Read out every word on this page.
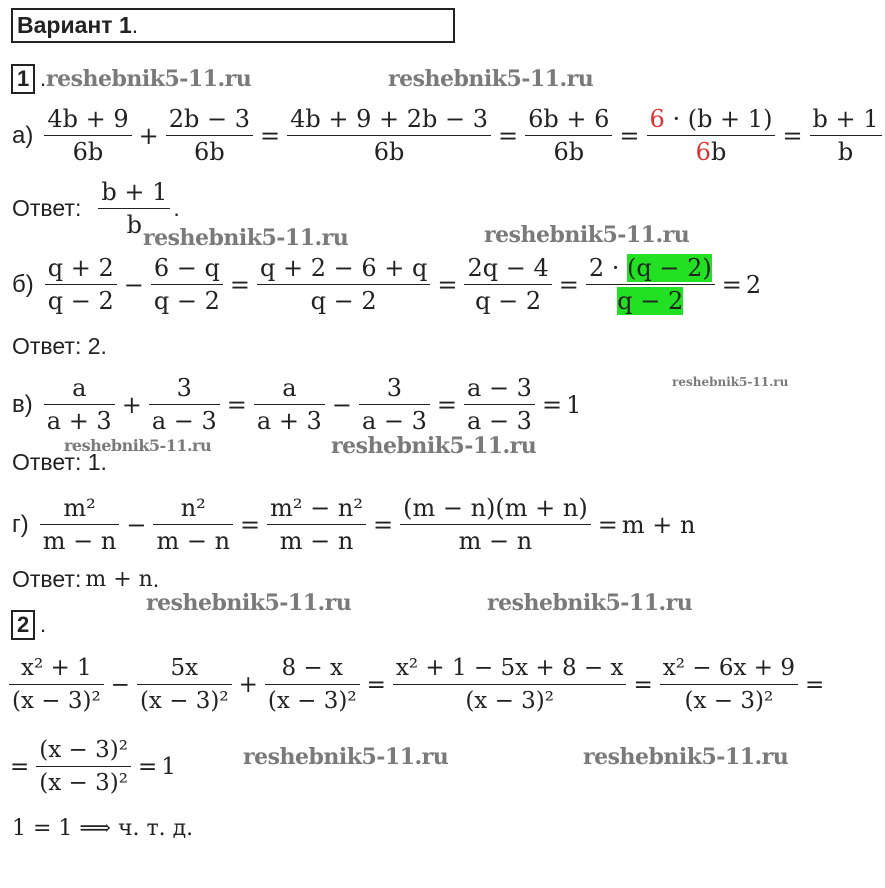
Вариант 1.
1 . reshebnik5-11.ru	reshebnik5-11.ru
reshebnik5-11.ru	reshebnik5-11.ru
reshebnik5-11.ru
reshebnik5-11.ru	reshebnik5-11.ru
reshebnik5-11.ru	reshebnik5-11.ru
reshebnik5-11.ru	reshebnik5-11.ru
$а) \frac{4b + 9}{6b} + \frac{2b - 3}{6b} = \frac{4b + 9 + 2b - 3}{6b} = \frac{6b + 6}{6b} = \frac{6 \cdot (b + 1)}{6b} = \frac{b + 1}{b}$
Ответ: $\frac{b + 1}{b}$ .
$б) \frac{q + 2}{q - 2} - \frac{6 - q}{q - 2} = \frac{q + 2 - 6 + q}{q - 2} = \frac{2q - 4}{q - 2} = \frac{2 \cdot (q - 2)}{q - 2} = 2$
Ответ: 2.
$в) \frac{a}{a + 3} + \frac{3}{a - 3} = \frac{a}{a + 3} - \frac{3}{a - 3} = \frac{a - 3}{a - 3} = 1$
Ответ: 1.
$г) \frac{\text{m²}}{m - n} - \frac{\text{n²}}{m - n} = \frac{\text{m² − n²}}{m - n} = \frac{(m - n)(m + n)}{m - n} = m + n$
Ответ: m + n .
2 .
$\frac{\text{x² + 1}}{\text{(x − 3)²}} - \frac{5x}{\text{(x − 3)²}} + \frac{8 - x}{\text{(x − 3)²}} = \frac{\text{x² + 1 − 5x + 8 − x}}{\text{(x − 3)²}} = \frac{\text{x² − 6x + 9}}{\text{(x − 3)²}}$ =
= $\frac{\text{(x − 3)²}}{\text{(x − 3)²}} = 1$
1 = 1 ⟹ ч. т. д.
